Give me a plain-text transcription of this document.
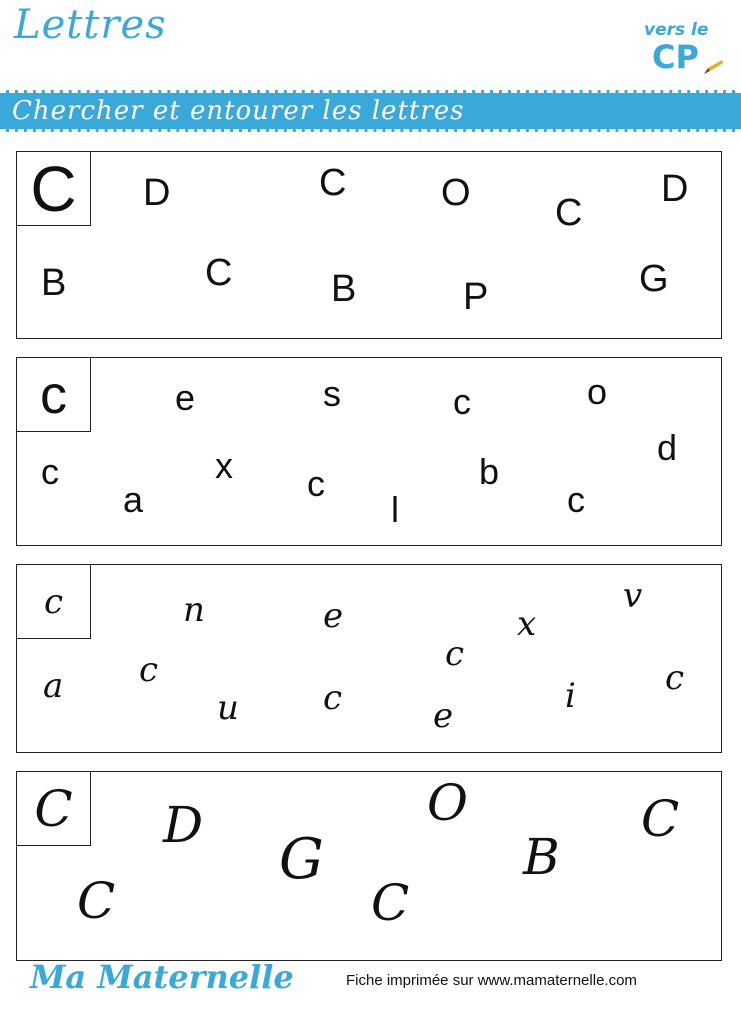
Lettres	vers le
CP
Chercher et entourer les lettres
C D	C O C
D
B	C	B	P	G
c	e	s	c	o
c	x
a	c
l
b
c
d
c	n	e	x
v
a c	c
u c	e	i	c
C D	O	C
G	B
C	C
Ma Maternelle	Fiche imprimée sur www.mamaternelle.com
